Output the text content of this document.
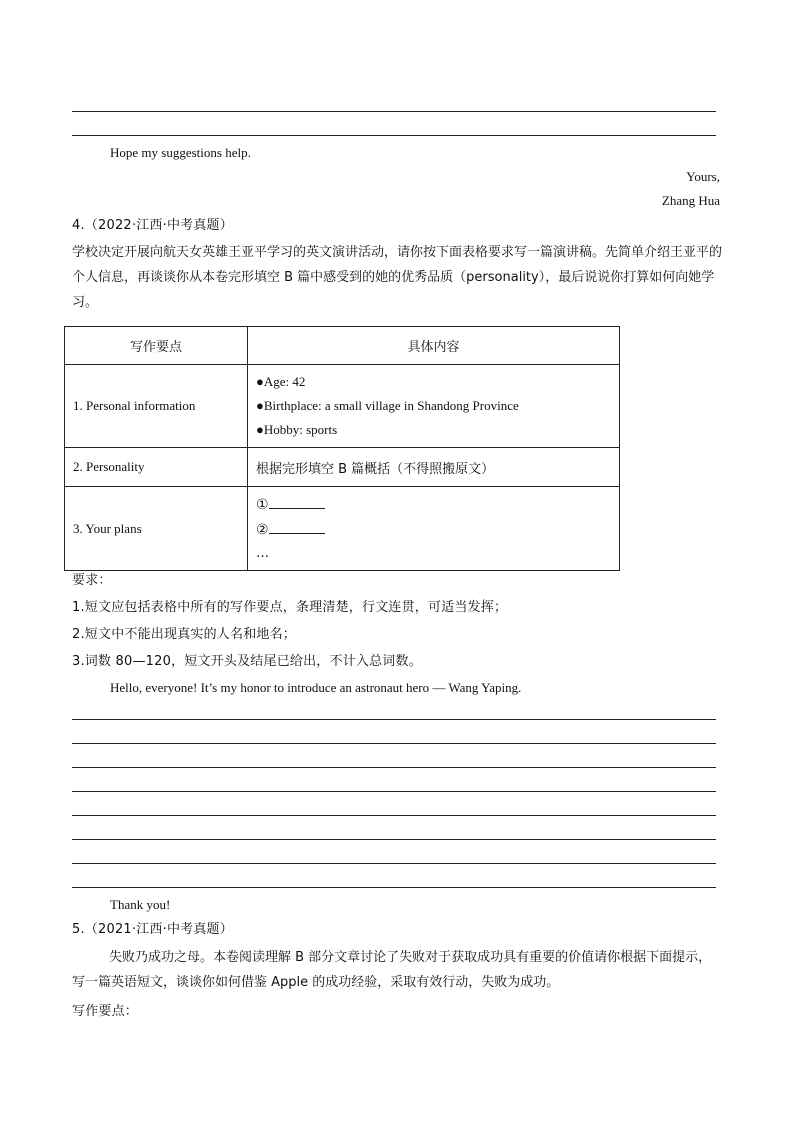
Hope my suggestions help.
Yours,
Zhang Hua
4.（2022·江西·中考真题）
学校决定开展向航天女英雄王亚平学习的英文演讲活动，请你按下面表格要求写一篇演讲稿。先简单介绍王亚平的个人信息，再谈谈你从本卷完形填空 B 篇中感受到的她的优秀品质（personality），最后说说你打算如何向她学习。
写作要点	具体内容
1. Personal information	●Age: 42
●Birthplace: a small village in Shandong Province
●Hobby: sports

2. Personality	根据完形填空 B 篇概括（不得照搬原文）
3. Your plans	①
②
…
要求：
1.短文应包括表格中所有的写作要点，条理清楚，行文连贯，可适当发挥；
2.短文中不能出现真实的人名和地名；
3.词数 80—120，短文开头及结尾已给出，不计入总词数。
Hello, everyone! It’s my honor to introduce an astronaut hero — Wang Yaping.
Thank you!
5.（2021·江西·中考真题）
失败乃成功之母。本卷阅读理解 B 部分文章讨论了失败对于获取成功具有重要的价值请你根据下面提示，写一篇英语短文，谈谈你如何借鉴 Apple 的成功经验，采取有效行动，失败为成功。
写作要点：
